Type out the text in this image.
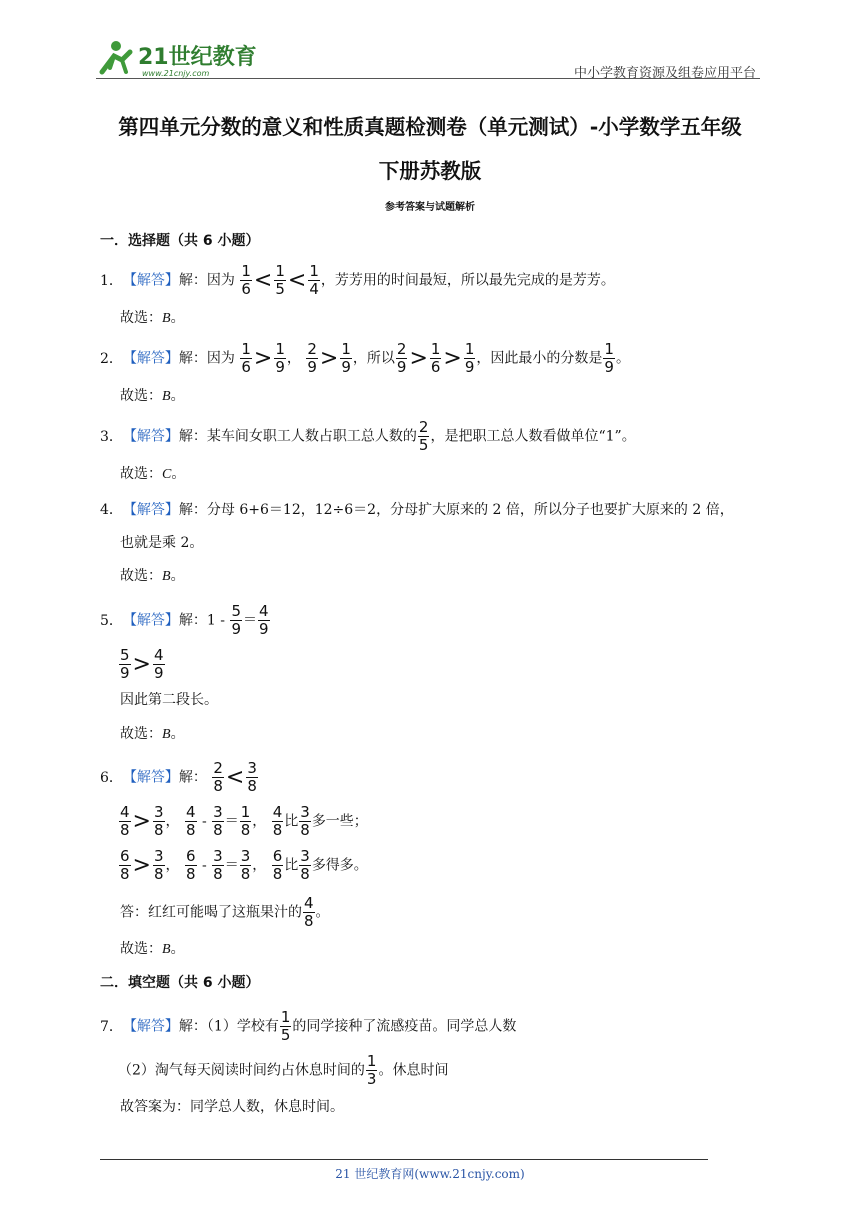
21世纪教育
www.21cnjy.com	中小学教育资源及组卷应用平台
第四单元分数的意义和性质真题检测卷（单元测试）-小学数学五年级
下册苏教版
参考答案与试题解析
一．选择题（共 6 小题）
1．【解答】解：因为 $\frac{1}{6} < \frac{1}{5} < \frac{1}{4}$ ，芳芳用的时间最短，所以最先完成的是芳芳。
故选：B。
2．【解答】解：因为 $\frac{1}{6} > \frac{1}{9}$ ， $\frac{2}{9} > \frac{1}{9}$ ，所以 $\frac{2}{9} > \frac{1}{6} > \frac{1}{9}$ ，因此最小的分数是 $\frac{1}{9}$ 。
故选：B。
3．【解答】解：某车间女职工人数占职工总人数的 $\frac{2}{5}$ ，是把职工总人数看做单位“1”。
故选：C。
4．【解答】解：分母 6+6＝12，12÷6＝2，分母扩大原来的 2 倍，所以分子也要扩大原来的 2 倍，
也就是乘 2。
故选：B。
5．【解答】解：$1 - \frac{5}{9} = \frac{4}{9}$
$\frac{5}{9} > \frac{4}{9}$
因此第二段长。
故选：B。
6．【解答】解： $\frac{2}{8} < \frac{3}{8}$
$\frac{4}{8} > \frac{3}{8}$ ， $\frac{4}{8} - \frac{3}{8} = \frac{1}{8}$ ， $\frac{4}{8}$ 比 $\frac{3}{8}$ 多一些；
$\frac{6}{8} > \frac{3}{8}$ ， $\frac{6}{8} - \frac{3}{8} = \frac{3}{8}$ ， $\frac{6}{8}$ 比 $\frac{3}{8}$ 多得多。
答：红红可能喝了这瓶果汁的 $\frac{4}{8}$ 。
故选：B。
二．填空题（共 6 小题）
7．【解答】解：（1）学校有 $\frac{1}{5}$ 的同学接种了流感疫苗。同学总人数
（2）淘气每天阅读时间约占休息时间的 $\frac{1}{3}$ 。休息时间
故答案为：同学总人数，休息时间。
21 世纪教育网(www.21cnjy.com)
